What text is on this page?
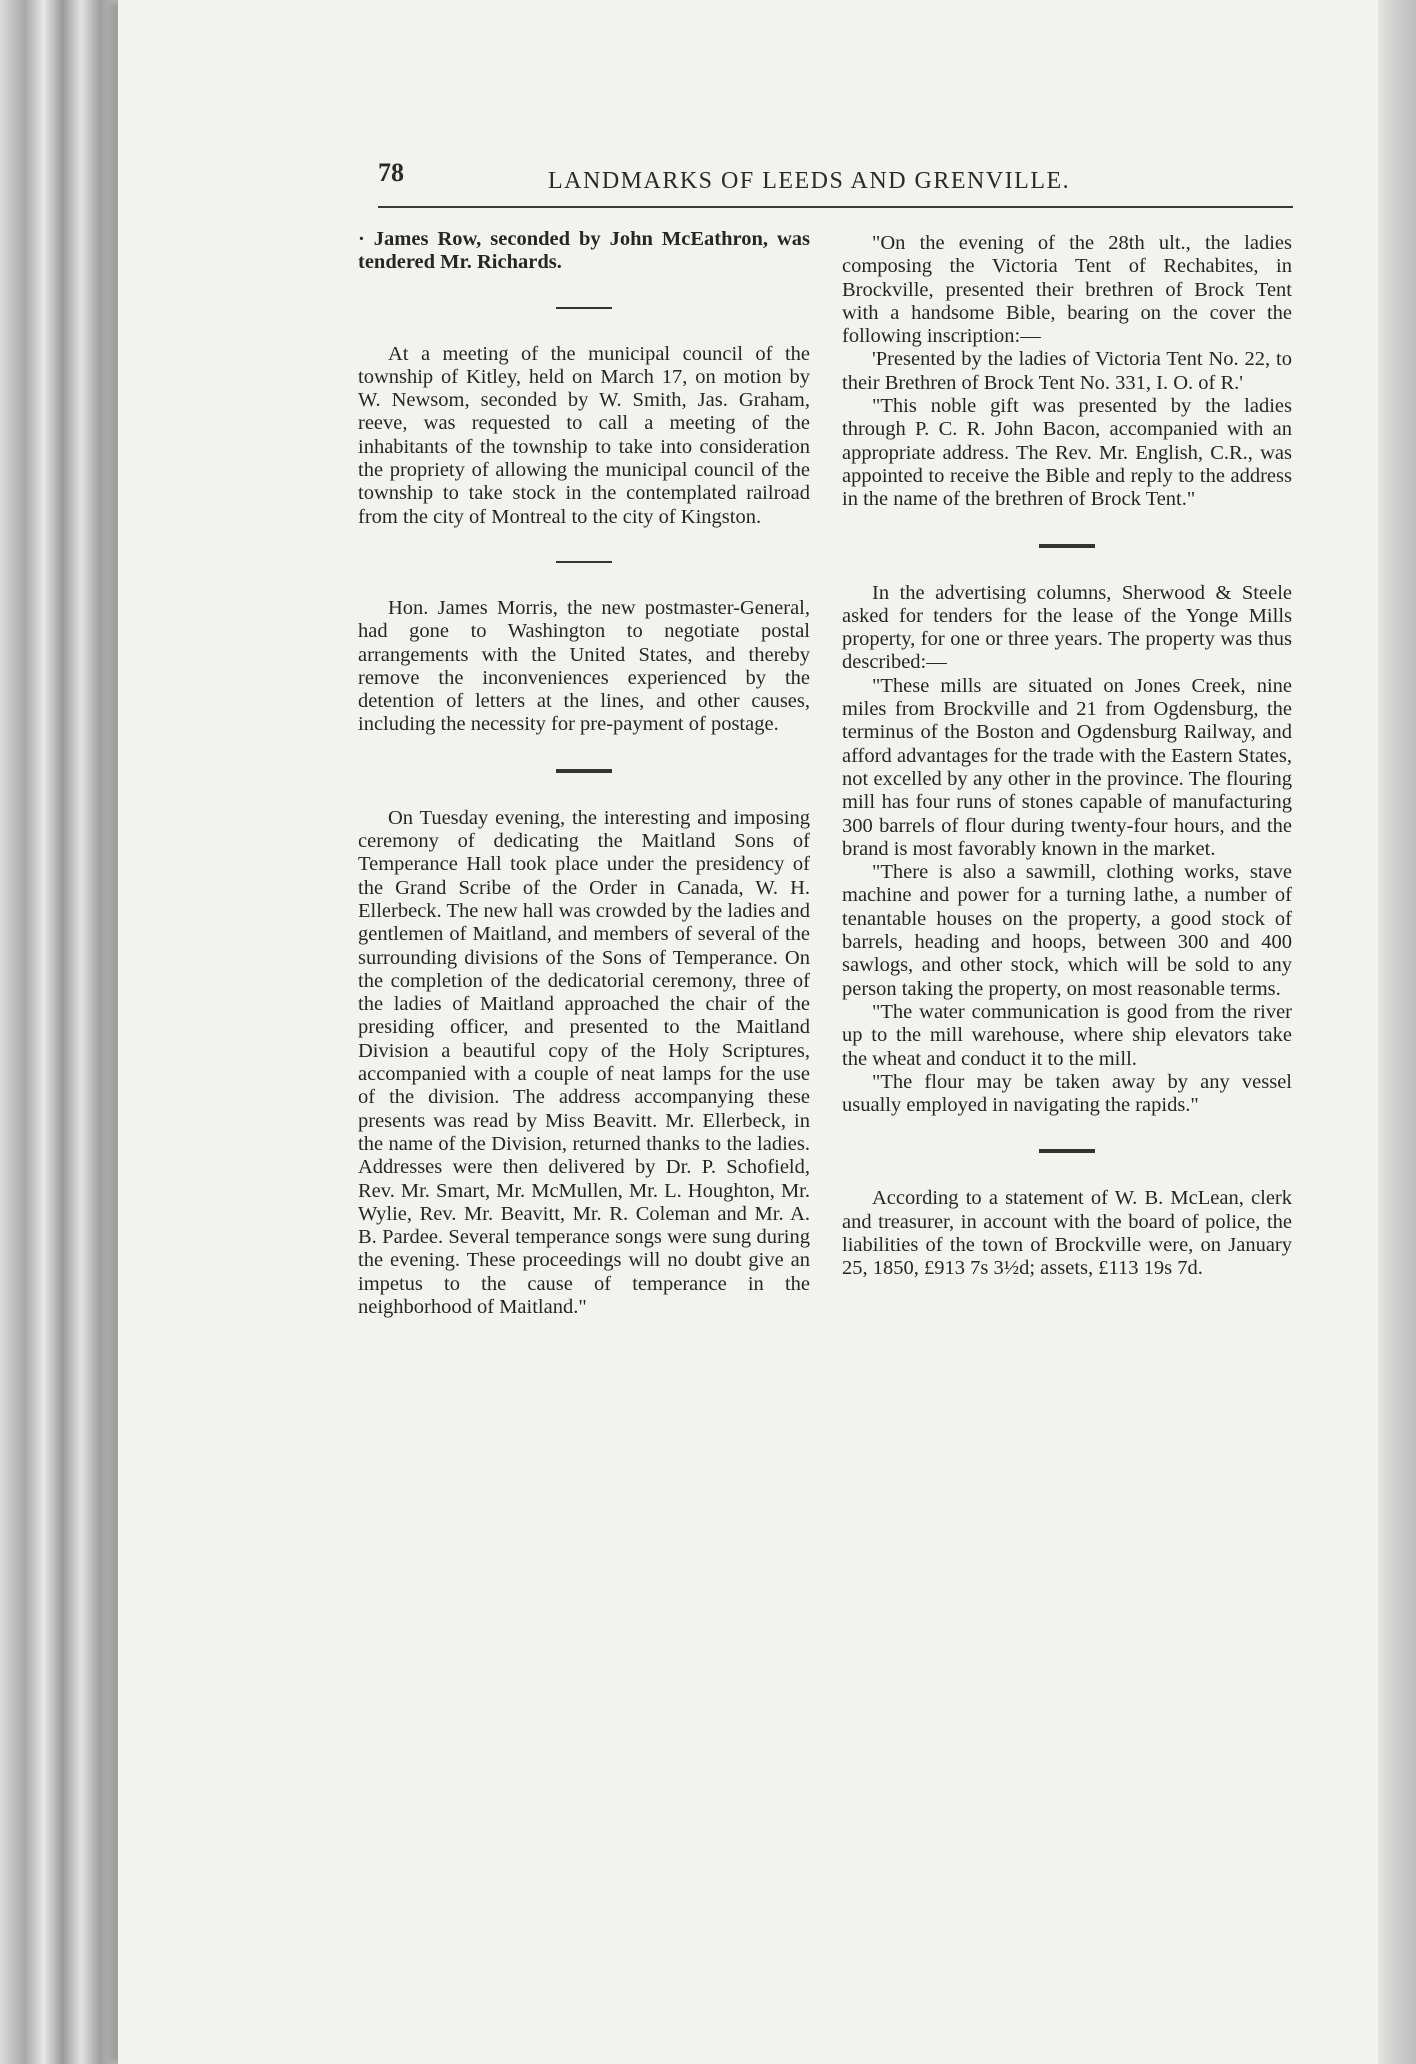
78	LANDMARKS OF LEEDS AND GRENVILLE.

· James Row, seconded by John McEathron, was tendered Mr. Richards.

At a meeting of the municipal council of the township of Kitley, held on March 17, on motion by W. Newsom, seconded by W. Smith, Jas. Graham, reeve, was requested to call a meeting of the inhabitants of the township to take into consideration the propriety of allowing the municipal council of the township to take stock in the contemplated railroad from the city of Montreal to the city of Kingston.

Hon. James Morris, the new postmaster-General, had gone to Washington to negotiate postal arrangements with the United States, and thereby remove the inconveniences experienced by the detention of letters at the lines, and other causes, including the necessity for pre-payment of postage.

On Tuesday evening, the interesting and imposing ceremony of dedicating the Maitland Sons of Temperance Hall took place under the presidency of the Grand Scribe of the Order in Canada, W. H. Ellerbeck. The new hall was crowded by the ladies and gentlemen of Maitland, and members of several of the surrounding divisions of the Sons of Temperance. On the completion of the dedicatorial ceremony, three of the ladies of Maitland approached the chair of the presiding officer, and presented to the Maitland Division a beautiful copy of the Holy Scriptures, accompanied with a couple of neat lamps for the use of the division. The address accompanying these presents was read by Miss Beavitt. Mr. Ellerbeck, in the name of the Division, returned thanks to the ladies. Addresses were then delivered by Dr. P. Schofield, Rev. Mr. Smart, Mr. McMullen, Mr. L. Houghton, Mr. Wylie, Rev. Mr. Beavitt, Mr. R. Coleman and Mr. A. B. Pardee. Several temperance songs were sung during the evening. These proceedings will no doubt give an impetus to the cause of temperance in the neighborhood of Maitland."

"On the evening of the 28th ult., the ladies composing the Victoria Tent of Rechabites, in Brockville, presented their brethren of Brock Tent with a handsome Bible, bearing on the cover the following inscription:—

'Presented by the ladies of Victoria Tent No. 22, to their Brethren of Brock Tent No. 331, I. O. of R.'

"This noble gift was presented by the ladies through P. C. R. John Bacon, accompanied with an appropriate address. The Rev. Mr. English, C.R., was appointed to receive the Bible and reply to the address in the name of the brethren of Brock Tent."

In the advertising columns, Sherwood & Steele asked for tenders for the lease of the Yonge Mills property, for one or three years. The property was thus described:—

"These mills are situated on Jones Creek, nine miles from Brockville and 21 from Ogdensburg, the terminus of the Boston and Ogdensburg Railway, and afford advantages for the trade with the Eastern States, not excelled by any other in the province. The flouring mill has four runs of stones capable of manufacturing 300 barrels of flour during twenty-four hours, and the brand is most favorably known in the market.

"There is also a sawmill, clothing works, stave machine and power for a turning lathe, a number of tenantable houses on the property, a good stock of barrels, heading and hoops, between 300 and 400 sawlogs, and other stock, which will be sold to any person taking the property, on most reasonable terms.

"The water communication is good from the river up to the mill warehouse, where ship elevators take the wheat and conduct it to the mill.

"The flour may be taken away by any vessel usually employed in navigating the rapids."

According to a statement of W. B. McLean, clerk and treasurer, in account with the board of police, the liabilities of the town of Brockville were, on January 25, 1850, £913 7s 3½d; assets, £113 19s 7d.
